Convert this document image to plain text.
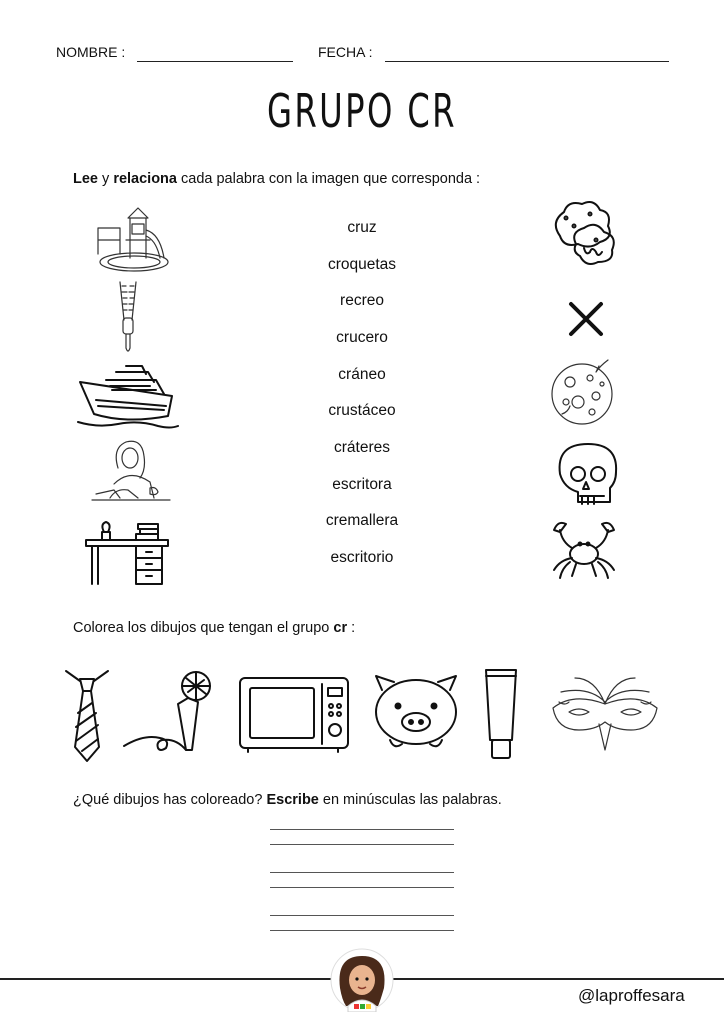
NOMBRE :	FECHA :
GRUPO CR
Lee y relaciona cada palabra con la imagen que corresponda :
cruz
croquetas
recreo
crucero
cráneo
crustáceo
cráteres
escritora
cremallera
escritorio
Colorea los dibujos que tengan el grupo cr :
¿Qué dibujos has coloreado? Escribe en minúsculas las palabras.
@laproffesara
